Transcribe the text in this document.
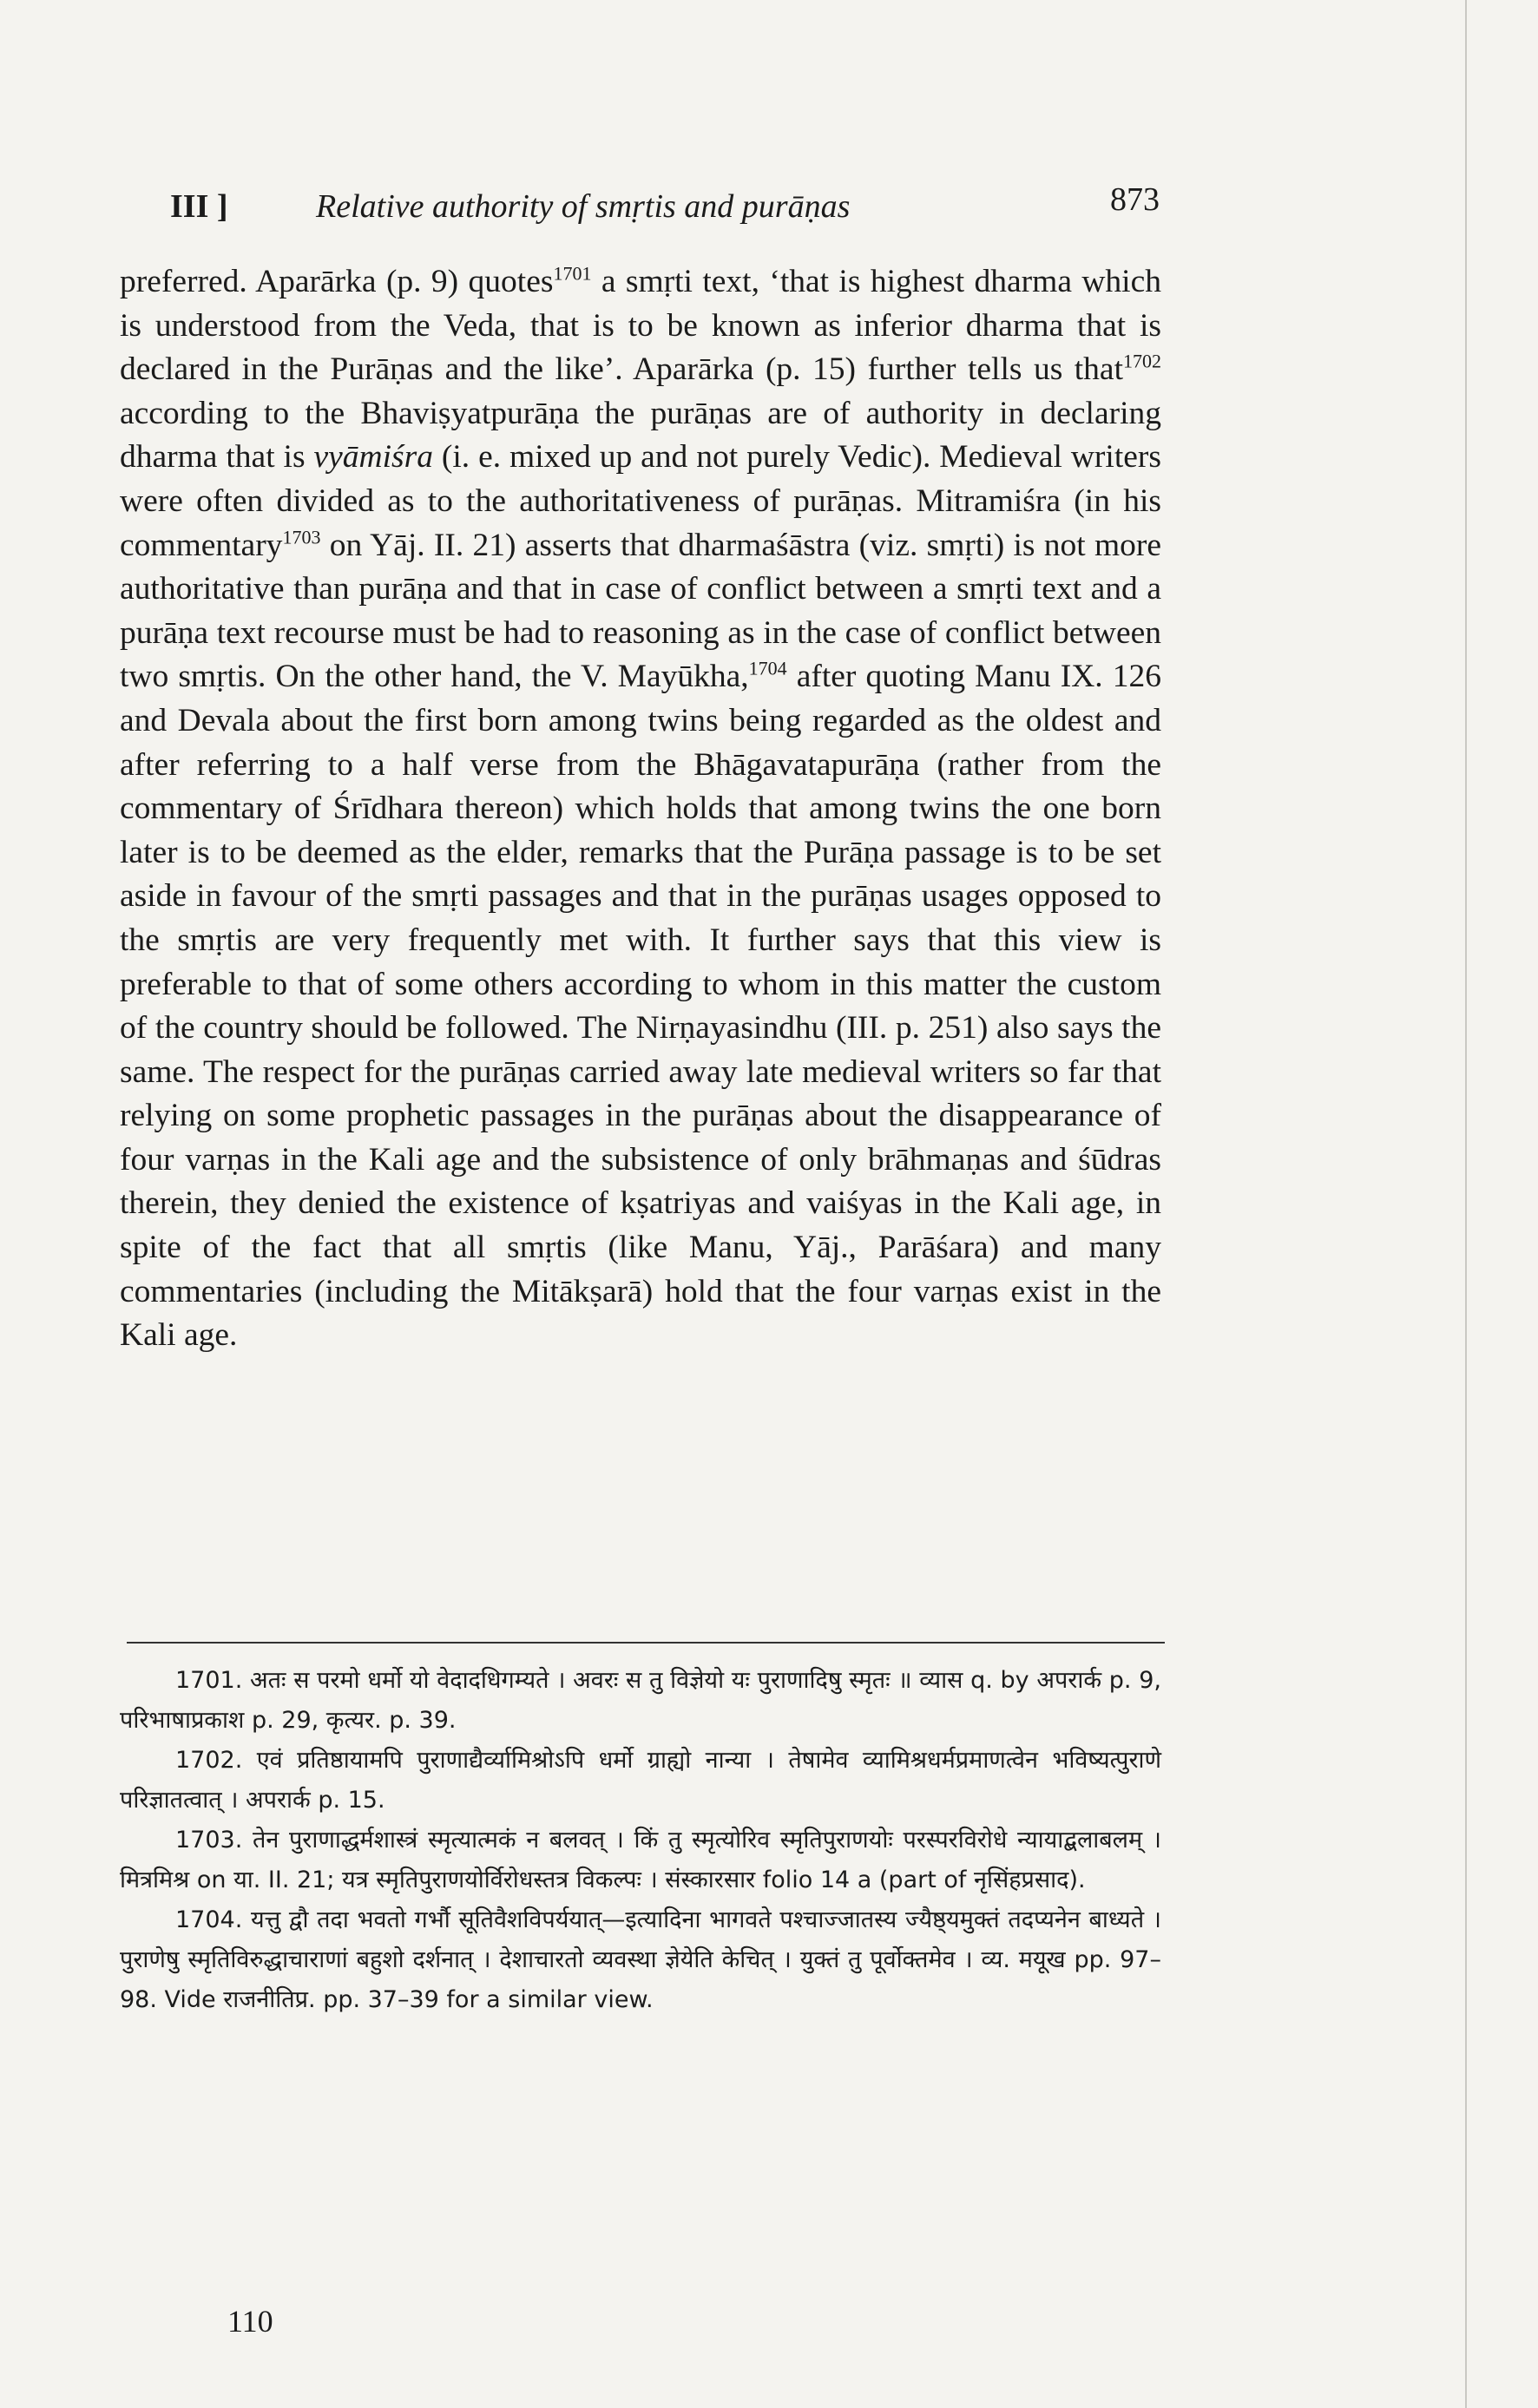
III ]	Relative authority of smṛtis and purāṇas	873
preferred. Aparārka (p. 9) quotes$^{1701}$ a smṛti text, ‘that is highest dharma which is understood from the Veda, that is to be known as inferior dharma that is declared in the Purāṇas and the like’. Aparārka (p. 15) further tells us that$^{1702}$ according to the Bhaviṣyatpurāṇa the purāṇas are of authority in declaring dharma that is vyāmiśra (i. e. mixed up and not purely Vedic). Medieval writers were often divided as to the authoritativeness of purāṇas. Mitramiśra (in his commentary$^{1703}$ on Yāj. II. 21) asserts that dharmaśāstra (viz. smṛti) is not more authoritative than purāṇa and that in case of conflict between a smṛti text and a purāṇa text recourse must be had to reasoning as in the case of conflict between two smṛtis. On the other hand, the V. Mayūkha,$^{1704}$ after quoting Manu IX. 126 and Devala about the first born among twins being regarded as the oldest and after referring to a half verse from the Bhāgavatapurāṇa (rather from the commentary of Śrīdhara thereon) which holds that among twins the one born later is to be deemed as the elder, remarks that the Purāṇa passage is to be set aside in favour of the smṛti passages and that in the purāṇas usages opposed to the smṛtis are very frequently met with. It further says that this view is preferable to that of some others according to whom in this matter the custom of the country should be followed. The Nirṇayasindhu (III. p. 251) also says the same. The respect for the purāṇas carried away late medieval writers so far that relying on some prophetic passages in the purāṇas about the disappearance of four varṇas in the Kali age and the subsistence of only brāhmaṇas and śūdras therein, they denied the existence of kṣatriyas and vaiśyas in the Kali age, in spite of the fact that all smṛtis (like Manu, Yāj., Parāśara) and many commentaries (including the Mitākṣarā) hold that the four varṇas exist in the Kali age.

1701. अतः स परमो धर्मो यो वेदादधिगम्यते । अवरः स तु विज्ञेयो यः पुराणादिषु स्मृतः ॥ व्यास q. by अपरार्क p. 9, परिभाषाप्रकाश p. 29, कृत्यर. p. 39.

1702. एवं प्रतिष्ठायामपि पुराणाद्यैर्व्यामिश्रोऽपि धर्मो ग्राह्यो नान्या । तेषामेव व्यामिश्रधर्मप्रमाणत्वेन भविष्यत्पुराणे परिज्ञातत्वात् । अपरार्क p. 15.

1703. तेन पुराणाद्धर्मशास्त्रं स्मृत्यात्मकं न बलवत् । किं तु स्मृत्योरिव स्मृतिपुराणयोः परस्परविरोधे न्यायाद्बलाबलम् । मित्रमिश्र on या. II. 21; यत्र स्मृतिपुराणयोर्विरोधस्तत्र विकल्पः । संस्कारसार folio 14 a (part of नृसिंहप्रसाद).

1704. यत्तु द्वौ तदा भवतो गर्भौ सूतिवैशविपर्ययात्—इत्यादिना भागवते पश्चाज्जातस्य ज्यैष्ठ्यमुक्तं तदप्यनेन बाध्यते । पुराणेषु स्मृतिविरुद्धाचाराणां बहुशो दर्शनात् । देशाचारतो व्यवस्था ज्ञेयेति केचित् । युक्तं तु पूर्वोक्तमेव । व्य. मयूख pp. 97–98. Vide राजनीतिप्र. pp. 37–39 for a similar view.

110
